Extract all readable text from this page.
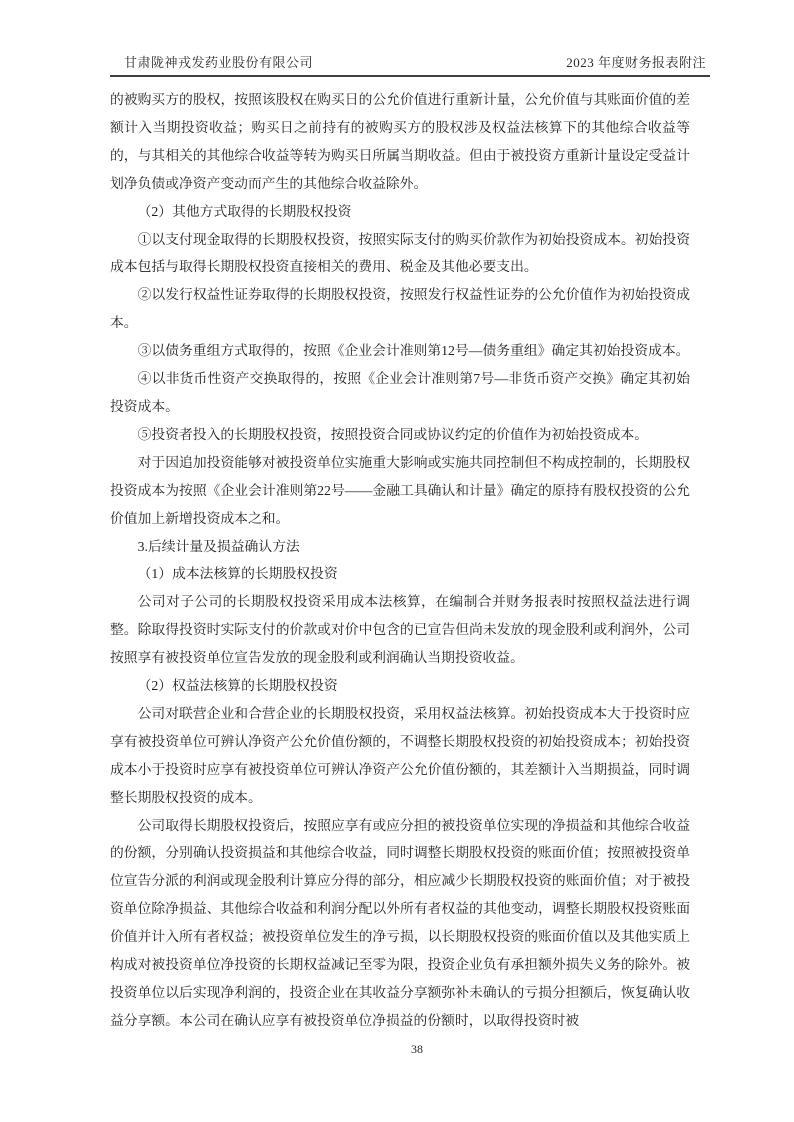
甘肃陇神戎发药业股份有限公司	2023 年度财务报表附注

的被购买方的股权，按照该股权在购买日的公允价值进行重新计量，公允价值与其账面价值的差额计入当期投资收益；购买日之前持有的被购买方的股权涉及权益法核算下的其他综合收益等的，与其相关的其他综合收益等转为购买日所属当期收益。但由于被投资方重新计量设定受益计划净负债或净资产变动而产生的其他综合收益除外。

（2）其他方式取得的长期股权投资

①以支付现金取得的长期股权投资，按照实际支付的购买价款作为初始投资成本。初始投资成本包括与取得长期股权投资直接相关的费用、税金及其他必要支出。

②以发行权益性证券取得的长期股权投资，按照发行权益性证券的公允价值作为初始投资成本。

③以债务重组方式取得的，按照《企业会计准则第12号—债务重组》确定其初始投资成本。

④以非货币性资产交换取得的，按照《企业会计准则第7号—非货币资产交换》确定其初始投资成本。

⑤投资者投入的长期股权投资，按照投资合同或协议约定的价值作为初始投资成本。

对于因追加投资能够对被投资单位实施重大影响或实施共同控制但不构成控制的，长期股权投资成本为按照《企业会计准则第22号——金融工具确认和计量》确定的原持有股权投资的公允价值加上新增投资成本之和。

3.后续计量及损益确认方法

（1）成本法核算的长期股权投资

公司对子公司的长期股权投资采用成本法核算，在编制合并财务报表时按照权益法进行调整。除取得投资时实际支付的价款或对价中包含的已宣告但尚未发放的现金股利或利润外，公司按照享有被投资单位宣告发放的现金股利或利润确认当期投资收益。

（2）权益法核算的长期股权投资

公司对联营企业和合营企业的长期股权投资，采用权益法核算。初始投资成本大于投资时应享有被投资单位可辨认净资产公允价值份额的，不调整长期股权投资的初始投资成本；初始投资成本小于投资时应享有被投资单位可辨认净资产公允价值份额的，其差额计入当期损益，同时调整长期股权投资的成本。

公司取得长期股权投资后，按照应享有或应分担的被投资单位实现的净损益和其他综合收益的份额，分别确认投资损益和其他综合收益，同时调整长期股权投资的账面价值；按照被投资单位宣告分派的利润或现金股利计算应分得的部分，相应减少长期股权投资的账面价值；对于被投资单位除净损益、其他综合收益和利润分配以外所有者权益的其他变动，调整长期股权投资账面价值并计入所有者权益；被投资单位发生的净亏损，以长期股权投资的账面价值以及其他实质上构成对被投资单位净投资的长期权益减记至零为限，投资企业负有承担额外损失义务的除外。被投资单位以后实现净利润的，投资企业在其收益分享额弥补未确认的亏损分担额后，恢复确认收益分享额。本公司在确认应享有被投资单位净损益的份额时，以取得投资时被

38
